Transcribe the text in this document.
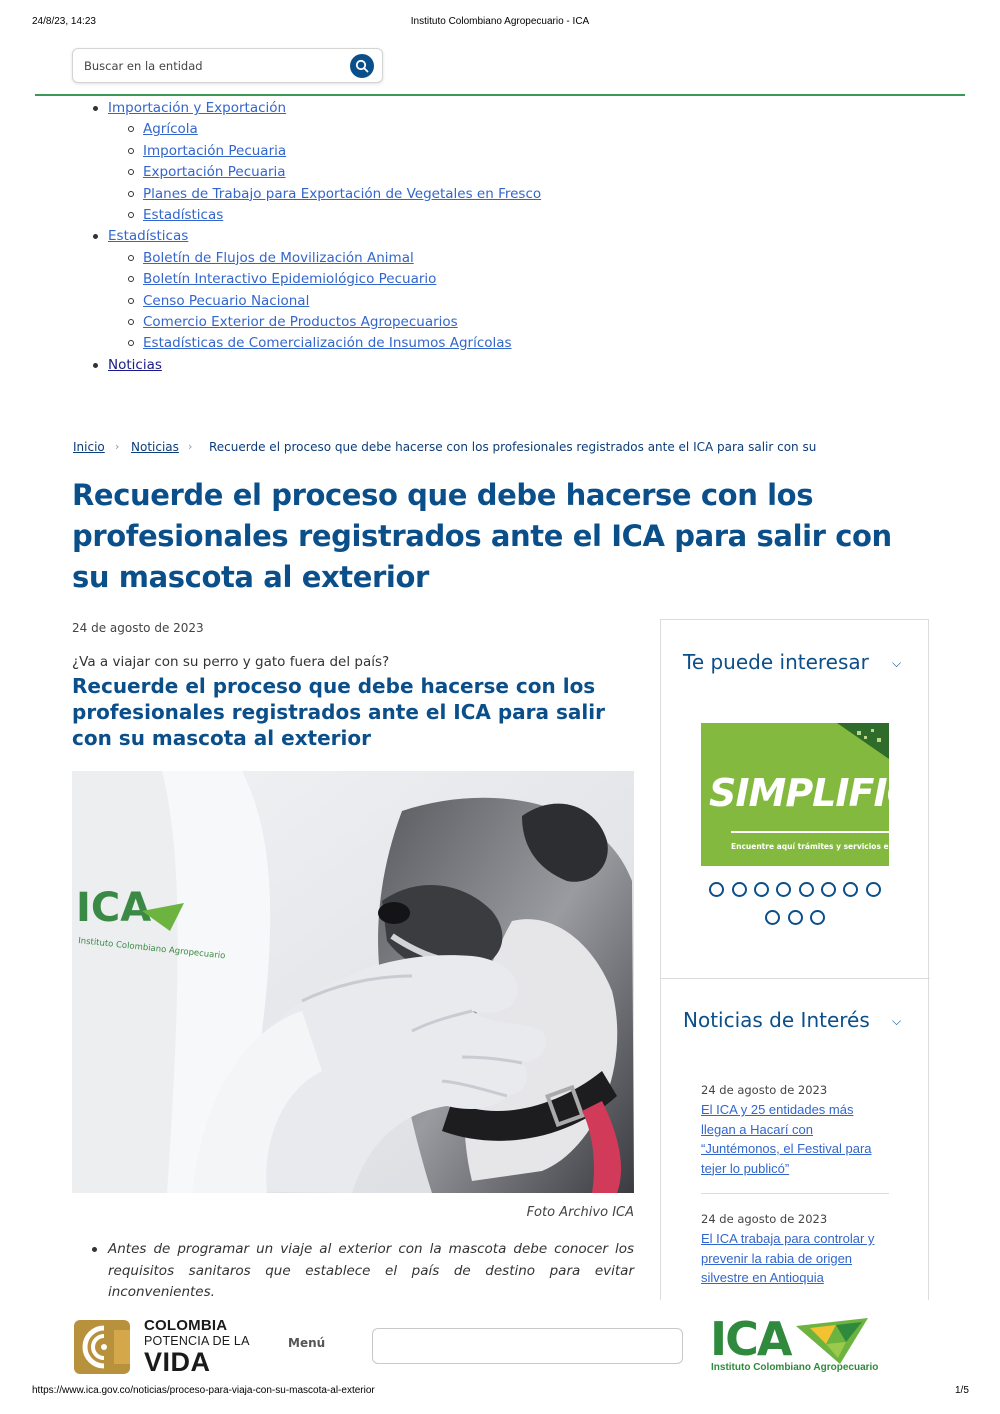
24/8/23, 14:23	Instituto Colombiano Agropecuario - ICA
Buscar en la entidad
Importación y Exportación
Agrícola
Importación Pecuaria
Exportación Pecuaria
Planes de Trabajo para Exportación de Vegetales en Fresco
Estadísticas
Estadísticas
Boletín de Flujos de Movilización Animal
Boletín Interactivo Epidemiológico Pecuario
Censo Pecuario Nacional
Comercio Exterior de Productos Agropecuarios
Estadísticas de Comercialización de Insumos Agrícolas
Noticias
Inicio › Noticias › Recuerde el proceso que debe hacerse con los profesionales registrados ante el ICA para salir con su
Recuerde el proceso que debe hacerse con los profesionales registrados ante el ICA para salir con su mascota al exterior
24 de agosto de 2023
¿Va a viajar con su perro y gato fuera del país?
Recuerde el proceso que debe hacerse con los profesionales registrados ante el ICA para salir con su mascota al exterior
ICA
Instituto Colombiano Agropecuario
Foto Archivo ICA
Antes de programar un viaje al exterior con la mascota debe conocer los requisitos sanitaros que establece el país de destino para evitar inconvenientes.
Te puede interesar ⌵
SIMPLIFIC
Encuentre aquí trámites y servicios en l
Noticias de Interés ⌵
24 de agosto de 2023
El ICA y 25 entidades más llegan a Hacarí con “Juntémonos, el Festival para tejer lo publicó”
24 de agosto de 2023
El ICA trabaja para controlar y prevenir la rabia de origen silvestre en Antioquia
COLOMBIA
POTENCIA DE LA
VIDA
Menú	ICA
Instituto Colombiano Agropecuario
https://www.ica.gov.co/noticias/proceso-para-viaja-con-su-mascota-al-exterior	1/5
